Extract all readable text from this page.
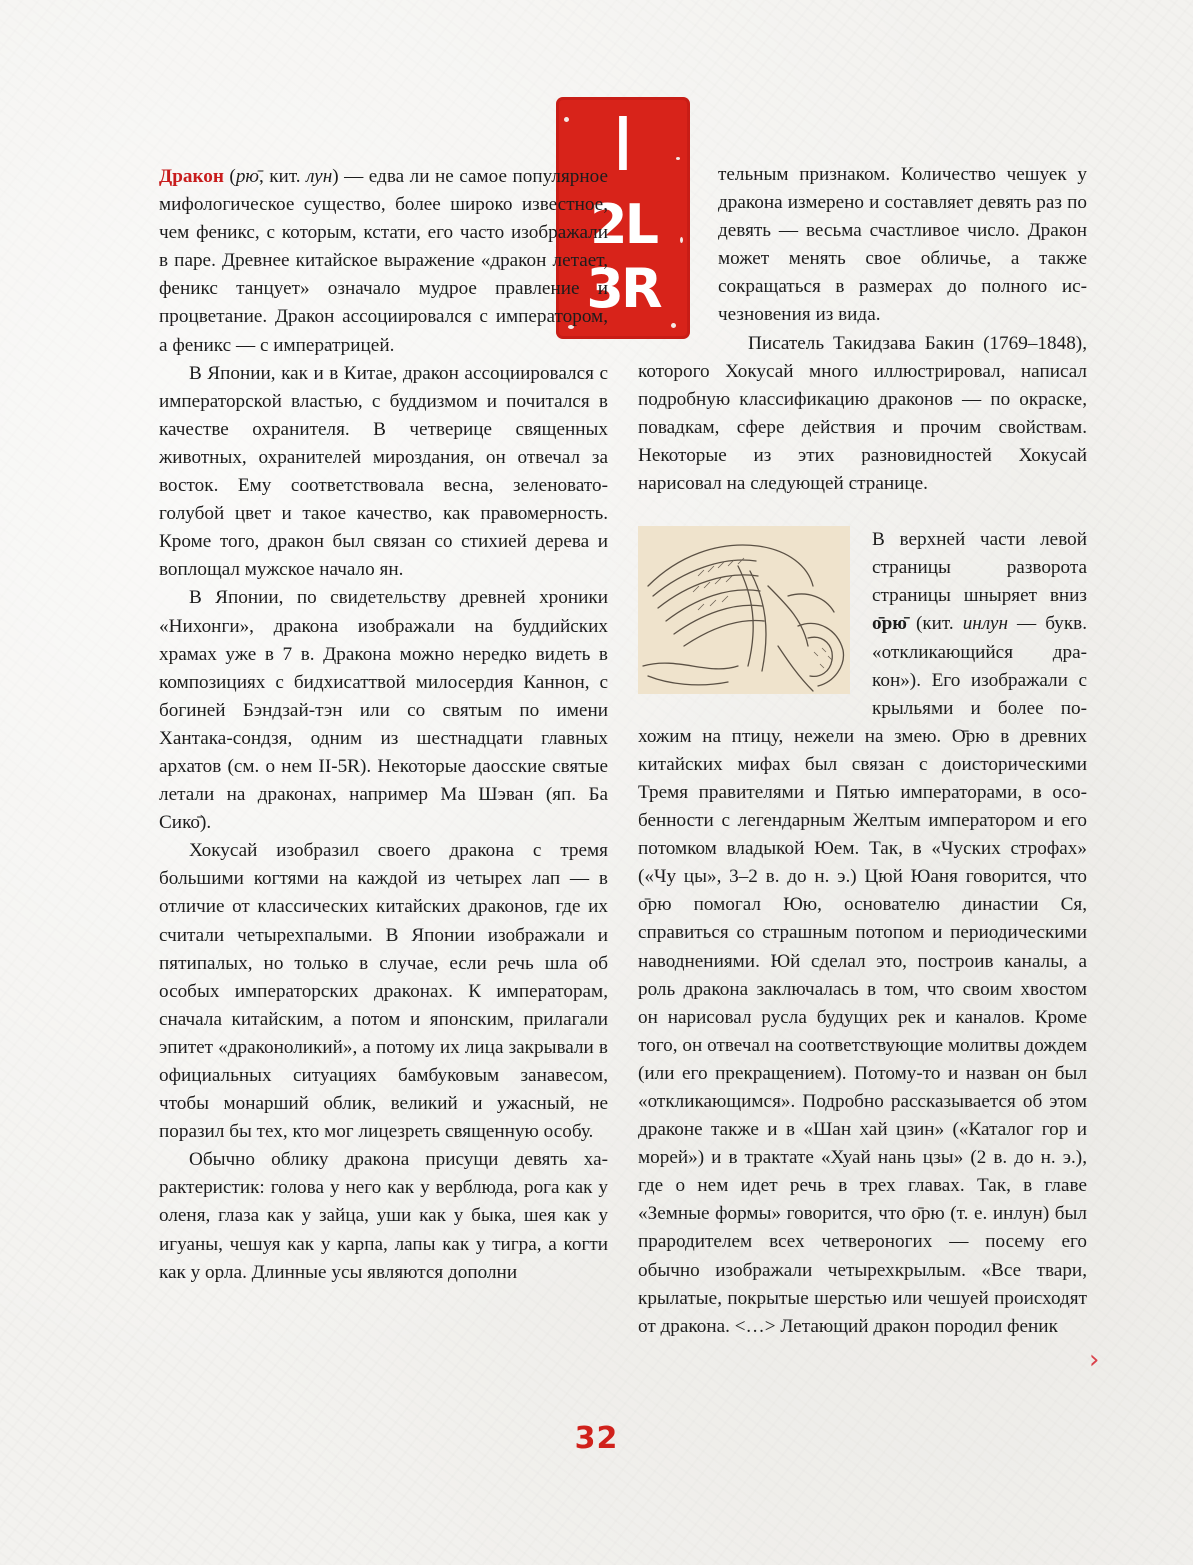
I
2L
3R

Дракон (рю̄, кит. лун) — едва ли не самое популярное мифологическое существо, более широко известное, чем феникс, с которым, кстати, его часто изображали в паре. Древнее китайское выражение «дракон летает, феникс танцует» означало мудрое правление и процветание. Дракон ассоциировался с императором, а феникс — с императрицей.

В Японии, как и в Китае, дракон ассоциировался с императорской властью, с буддизмом и почитался в качестве охранителя. В четверице священных животных, охранителей мироздания, он отвечал за восток. Ему соответствовала весна, зеленовато-голубой цвет и такое качество, как правомерность. Кроме того, дракон был связан со стихией дерева и воплощал мужское начало ян.

В Японии, по свидетельству древней хроники «Нихонги», дракона изображали на буддийских храмах уже в 7 в. Дракона можно нередко видеть в композициях с бидхисаттвой милосердия Каннон, с богиней Бэндзай-тэн или со святым по имени Хантака-сондзя, одним из шестнадцати главных архатов (см. о нем II-5R). Некоторые даосские святые летали на драконах, например Ма Шэван (яп. Ба Сико̄).

Хокусай изобразил своего дракона с тремя большими когтями на каждой из четырех лап — в отличие от классических китайских драконов, где их считали четырехпалыми. В Японии изображали и пятипалых, но только в случае, если речь шла об особых императорских драконах. К императорам, сначала китайским, а потом и японским, прилагали эпитет «драконоликий», а потому их лица закрывали в официальных ситуациях бамбуковым занавесом, чтобы монарший облик, великий и ужасный, не поразил бы тех, кто мог лицезреть священную особу.

Обычно облику дракона присущи девять характеристик: голова у него как у верблюда, рога как у оленя, глаза как у зайца, уши как у быка, шея как у игуаны, чешуя как у карпа, лапы как у тигра, а когти как у орла. Длинные усы являются дополни

тельным признаком. Количество чешуек у дракона измерено и составляет девять раз по девять — весьма счастливое число. Дракон может менять свое обличье, а также сокращаться в размерах до полного исчезновения из вида.

Писатель Такидзава Бакин (1769–1848), которого Хокусай много иллюстрировал, написал подробную классификацию драконов — по окраске, повадкам, сфере действия и прочим свойствам. Некоторые из этих разновидностей Хокусай нарисовал на следующей странице.

В верхней части левой страницы разворота страницы шныряет вниз о̄рю̄ (кит. инлун — букв. «откликающийся дракон»). Его изображали с крыльями и более похожим на птицу, нежели на змею. О̄рю в древних китайских мифах был связан с доисторическими Тремя правителями и Пятью императорами, в особенности с легендарным Желтым императором и его потомком владыкой Юем. Так, в «Чуских строфах» («Чу цы», 3–2 в. до н. э.) Цюй Юаня говорится, что о̄рю помогал Юю, основателю династии Ся, справиться со страшным потопом и периодическими наводнениями. Юй сделал это, построив каналы, а роль дракона заключалась в том, что своим хвостом он нарисовал русла будущих рек и каналов. Кроме того, он отвечал на соответствующие молитвы дождем (или его прекращением). Потому-то и назван он был «откликающимся». Подробно рассказывается об этом драконе также и в «Шан хай цзин» («Каталог гор и морей») и в трактате «Хуай нань цзы» (2 в. до н. э.), где о нем идет речь в трех главах. Так, в главе «Земные формы» говорится, что о̄рю (т. е. инлун) был прародителем всех четвероногих — посему его обычно изображали четырехкрылым. «Все твари, крылатые, покрытые шерстью или чешуей происходят от дракона. <…> Летающий дракон породил феник

›
32
